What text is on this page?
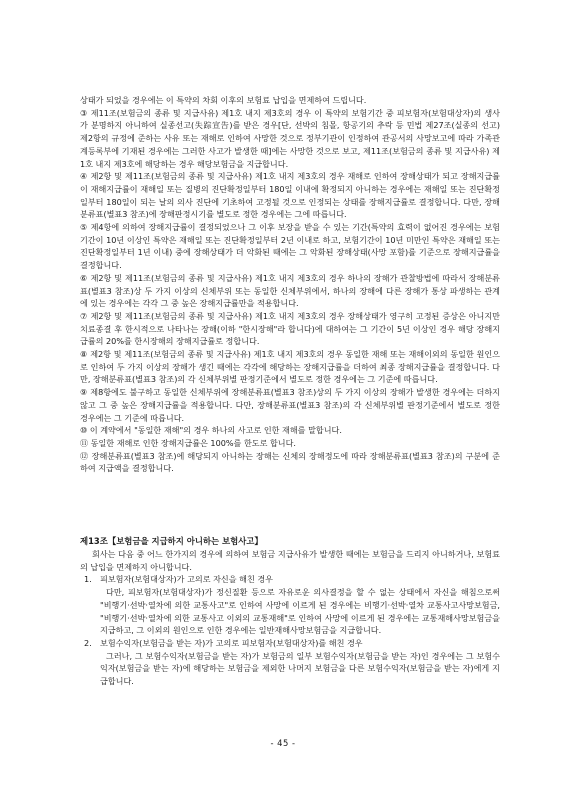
상태가 되었을 경우에는 이 특약의 차회 이후의 보험료 납입을 면제하여 드립니다.

③ 제11조(보험금의 종류 및 지급사유) 제1호 내지 제3호의 경우 이 특약의 보험기간 중 피보험자(보험대상자)의 생사가 분명하지 아니하여 실종선고(失踪宣告)를 받은 경우[단, 선박의 침몰, 항공기의 추락 등 민법 제27조(실종의 선고) 제2항의 규정에 준하는 사유 또는 재해로 인하여 사망한 것으로 정부기관이 인정하여 관공서의 사망보고에 따라 가족관계등록부에 기재된 경우에는 그러한 사고가 발생한 때]에는 사망한 것으로 보고, 제11조(보험금의 종류 및 지급사유) 제1호 내지 제3호에 해당하는 경우 해당보험금을 지급합니다.

④ 제2항 및 제11조(보험금의 종류 및 지급사유) 제1호 내지 제3호의 경우 재해로 인하여 장해상태가 되고 장해지급률이 재해지급률이 재해일 또는 질병의 진단확정일부터 180일 이내에 확정되지 아니하는 경우에는 재해일 또는 진단확정일부터 180일이 되는 날의 의사 진단에 기초하여 고정될 것으로 인정되는 상태를 장해지급률로 결정합니다. 다만, 장해분류표(별표3 참조)에 장해판정시기를 별도로 정한 경우에는 그에 따릅니다.

⑤ 제4항에 의하여 장해지급률이 결정되었으나 그 이후 보장을 받을 수 있는 기간(특약의 효력이 없어진 경우에는 보험기간이 10년 이상인 특약은 재해일 또는 진단확정일부터 2년 이내로 하고, 보험기간이 10년 미만인 특약은 재해일 또는 진단확정일부터 1년 이내) 중에 장해상태가 더 악화된 때에는 그 악화된 장해상태(사망 포함)를 기준으로 장해지급률을 결정합니다.

⑥ 제2항 및 제11조(보험금의 종류 및 지급사유) 제1호 내지 제3호의 경우 하나의 장해가 관찰방법에 따라서 장해분류표(별표3 참조)상 두 가지 이상의 신체부위 또는 동일한 신체부위에서, 하나의 장해에 다른 장해가 통상 파생하는 관계에 있는 경우에는 각각 그 중 높은 장해지급률만을 적용합니다.

⑦ 제2항 및 제11조(보험금의 종류 및 지급사유) 제1호 내지 제3호의 경우 장해상태가 영구히 고정된 증상은 아니지만 치료종결 후 한시적으로 나타나는 장해(이하 "한시장해"라 합니다)에 대하여는 그 기간이 5년 이상인 경우 해당 장해지급률의 20%를 한시장해의 장해지급률로 정합니다.

⑧ 제2항 및 제11조(보험금의 종류 및 지급사유) 제1호 내지 제3호의 경우 동일한 재해 또는 재해이외의 동일한 원인으로 인하여 두 가지 이상의 장해가 생긴 때에는 각각에 해당하는 장해지급률을 더하여 최종 장해지급률을 결정합니다. 다만, 장해분류표(별표3 참조)의 각 신체부위별 판정기준에서 별도로 정한 경우에는 그 기준에 따릅니다.

⑨ 제8항에도 불구하고 동일한 신체부위에 장해분류표(별표3 참조)상의 두 가지 이상의 장해가 발생한 경우에는 더하지 않고 그 중 높은 장해지급률을 적용합니다. 다만, 장해분류표(별표3 참조)의 각 신체부위별 판정기준에서 별도로 정한 경우에는 그 기준에 따릅니다.

⑩ 이 계약에서 "동일한 재해"의 경우 하나의 사고로 인한 재해를 말합니다.

⑪ 동일한 재해로 인한 장해지급률은 100%를 한도로 합니다.

⑫ 장해분류표(별표3 참조)에 해당되지 아니하는 장해는 신체의 장해정도에 따라 장해분류표(별표3 참조)의 구분에 준하여 지급액을 결정합니다.

제13조【보험금을 지급하지 아니하는 보험사고】

회사는 다음 중 어느 한가지의 경우에 의하여 보험금 지급사유가 발생한 때에는 보험금을 드리지 아니하거나, 보험료의 납입을 면제하지 아니합니다.

1.	피보험자(보험대상자)가 고의로 자신을 해친 경우

다만, 피보험자(보험대상자)가 정신질환 등으로 자유로운 의사결정을 할 수 없는 상태에서 자신을 해침으로써 "비행기·선박·열차에 의한 교통사고"로 인하여 사망에 이르게 된 경우에는 비행기·선박·열차 교통사고사망보험금, "비행기·선박·열차에 의한 교통사고 이외의 교통재해"로 인하여 사망에 이르게 된 경우에는 교통재해사망보험금을 지급하고, 그 이외의 원인으로 인한 경우에는 일반재해사망보험금을 지급합니다.

2.	보험수익자(보험금을 받는 자)가 고의로 피보험자(보험대상자)를 해친 경우

그러나, 그 보험수익자(보험금을 받는 자)가 보험금의 일부 보험수익자(보험금을 받는 자)인 경우에는 그 보험수익자(보험금을 받는 자)에 해당하는 보험금을 제외한 나머지 보험금을 다른 보험수익자(보험금을 받는 자)에게 지급합니다.

- 45 -
